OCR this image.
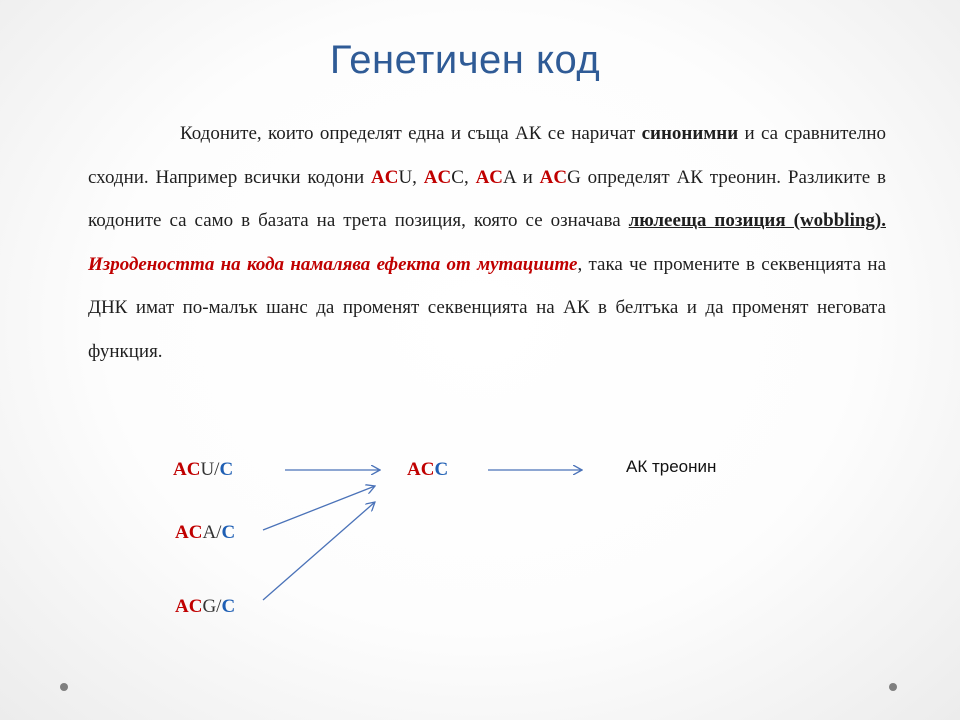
Генетичен код

Кодоните, които определят една и съща АК се наричат синонимни и са сравнително сходни. Например всички кодони ACU, ACC, ACA и ACG определят АК треонин. Разликите в кодоните са само в базата на трета позиция, която се означава люлееща позиция (wobbling). Изродеността на кода намалява ефекта от мутациите, така че промените в секвенцията на ДНК имат по-малък шанс да променят секвенцията на АК в белтъка и да променят неговата функция.

ACU/C	ACC	АК треонин
ACA/C
ACG/C
